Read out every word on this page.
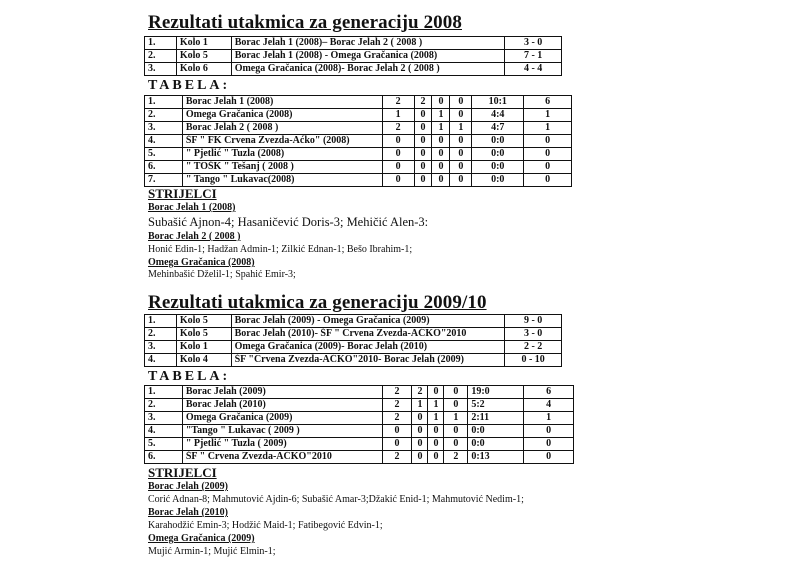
Rezultati utakmica za generaciju 2008
1.	Kolo 1	Borac Jelah 1 (2008)– Borac Jelah 2 ( 2008 )	3 - 0
2.	Kolo 5	Borac Jelah 1 (2008) - Omega Gračanica (2008)	7 - 1
3.	Kolo 6	Omega Gračanica (2008)- Borac Jelah 2 ( 2008 )	4 - 4
TABELA:
1.	Borac Jelah 1 (2008)	2	2	0	0	10:1	6
2.	Omega Gračanica (2008)	1	0	1	0	4:4	1
3.	Borac Jelah 2 ( 2008 )	2	0	1	1	4:7	1
4.	ŠF " FK Crvena Zvezda-Aćko" (2008)	0	0	0	0	0:0	0
5.	" Pjetlić " Tuzla (2008)	0	0	0	0	0:0	0
6.	" TOŠK " Tešanj ( 2008 )	0	0	0	0	0:0	0
7.	" Tango " Lukavac(2008)	0	0	0	0	0:0	0
STRIJELCI
Borac Jelah 1 (2008)
Subašić Ajnon-4; Hasaničević Doris-3; Mehičić Alen-3:
Borac Jelah 2 ( 2008 )
Honić Edin-1; Hadžan Admin-1; Zilkić Ednan-1; Bešo Ibrahim-1;
Omega Gračanica (2008)
Mehinbašić Dželil-1; Spahić Emir-3;
Rezultati utakmica za generaciju 2009/10
1.	Kolo 5	Borac Jelah (2009) - Omega Gračanica (2009)	9 - 0
2.	Kolo 5	Borac Jelah (2010)- ŠF " Crvena Zvezda-AĆKO"2010	3 - 0
3.	Kolo 1	Omega Gračanica (2009)- Borac Jelah (2010)	2 - 2
4.	Kolo 4	ŠF "Crvena Zvezda-AĆKO"2010- Borac Jelah (2009)	0 - 10
TABELA:
1.	Borac Jelah (2009)	2	2	0	0	19:0	6
2.	Borac Jelah (2010)	2	1	1	0	5:2	4
3.	Omega Gračanica (2009)	2	0	1	1	2:11	1
4.	"Tango " Lukavac ( 2009 )	0	0	0	0	0:0	0
5.	" Pjetlić " Tuzla ( 2009)	0	0	0	0	0:0	0
6.	ŠF " Crvena Zvezda-AĆKO"2010	2	0	0	2	0:13	0
STRIJELCI
Borac Jelah (2009)
Corić Adnan-8; Mahmutović Ajdin-6; Subašić Amar-3;Džakić Enid-1; Mahmutović Nedim-1;
Borac Jelah (2010)
Karahodžić Emin-3; Hodžić Maid-1; Fatibegović Edvin-1;
Omega Gračanica (2009)
Mujić Armin-1; Mujić Elmin-1;
